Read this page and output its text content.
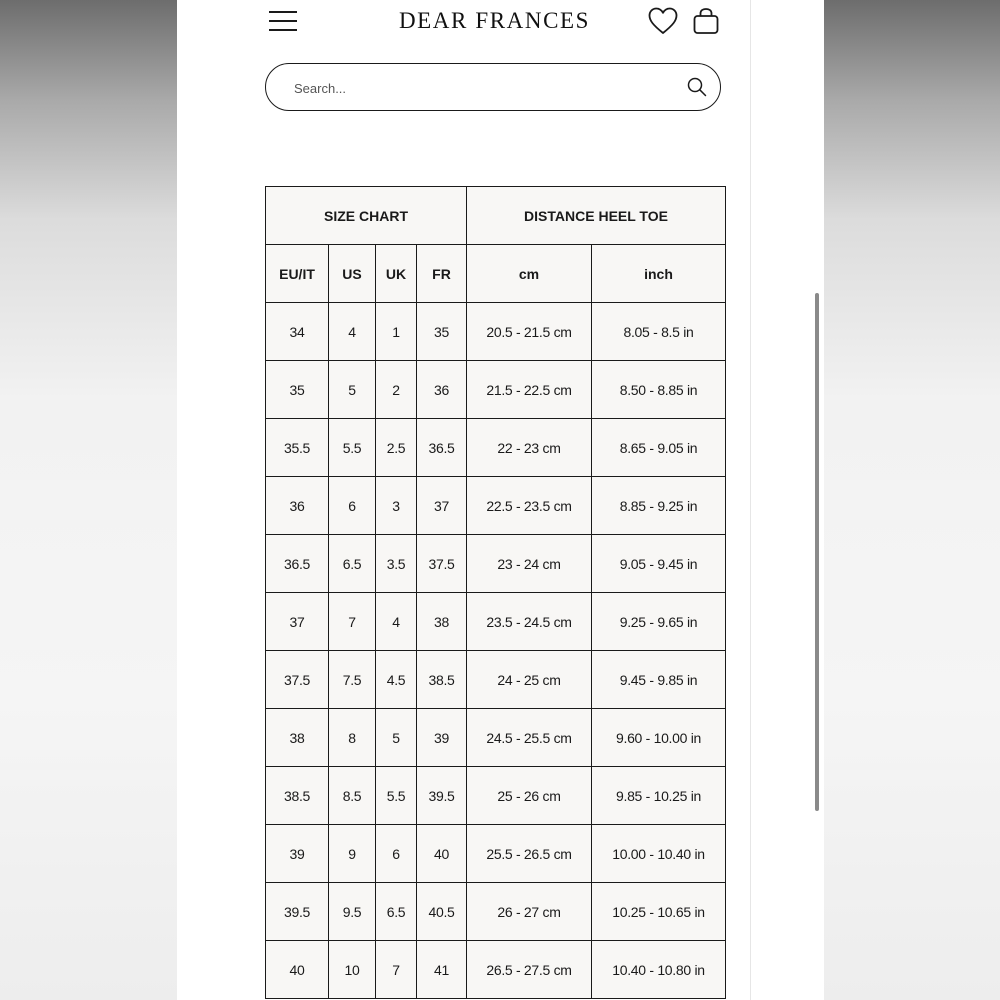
DEAR FRANCES
Search...
SIZE CHART				DISTANCE HEEL TOE	
EU/IT	US	UK	FR	cm	inch
34	4	1	35	20.5 - 21.5 cm	8.05 - 8.5 in
35	5	2	36	21.5 - 22.5 cm	8.50 - 8.85 in
35.5	5.5	2.5	36.5	22 - 23 cm	8.65 - 9.05 in
36	6	3	37	22.5 - 23.5 cm	8.85 - 9.25 in
36.5	6.5	3.5	37.5	23 - 24 cm	9.05 - 9.45 in
37	7	4	38	23.5 - 24.5 cm	9.25 - 9.65 in
37.5	7.5	4.5	38.5	24 - 25 cm	9.45 - 9.85 in
38	8	5	39	24.5 - 25.5 cm	9.60 - 10.00 in
38.5	8.5	5.5	39.5	25 - 26 cm	9.85 - 10.25 in
39	9	6	40	25.5 - 26.5 cm	10.00 - 10.40 in
39.5	9.5	6.5	40.5	26 - 27 cm	10.25 - 10.65 in
40	10	7	41	26.5 - 27.5 cm	10.40 - 10.80 in
